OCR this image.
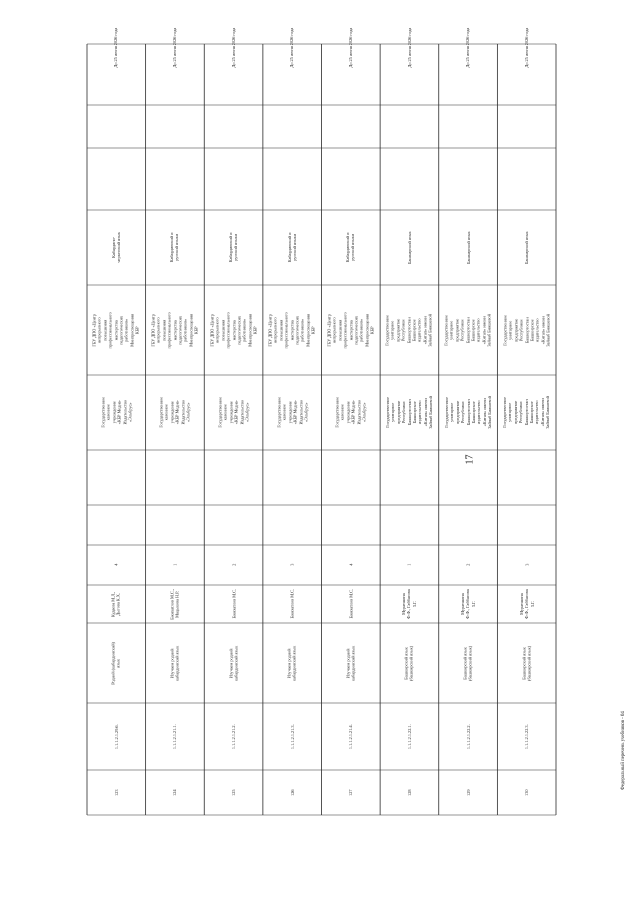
123
1.1.1.2.1.29.6.
Родной (кабардинский)
язык
Кудаева М.Л.,
Дыгова К.Х.
4
Государственное
казенное
учреждение
«КБР Медиа-
Издательство
«Эльбрус»
ГБУ ДПО «Центр
непрерывного
повышения
профессионального
мастерства
педагогических
работников»
Минпросвещения
КБР
Кабардино-
черкесский язык
До 25 июня 2026 года
124
1.1.1.2.1.21.1.
Изучаем родной
кабардинский язык
Бжихатлов М.С.,
Мацыкова Н.Р.
1
Государственное
казенное
учреждение
«КБР Медиа-
Издательство
«Эльбрус»
ГБУ ДПО «Центр
непрерывного
повышения
профессионального
мастерства
педагогических
работников»
Минпросвещения
КБР
Кабардинский и
русский языки
До 25 июня 2026 года
125
1.1.1.2.1.21.2.
Изучаем родной
кабардинский язык
Бжихатлов М.С.
2
Государственное
казенное
учреждение
«КБР Медиа-
Издательство
«Эльбрус»
ГБУ ДПО «Центр
непрерывного
повышения
профессионального
мастерства
педагогических
работников»
Минпросвещения
КБР
Кабардинский и
русский языки
До 25 июня 2026 года
126
1.1.1.2.1.21.3.
Изучаем родной
кабардинский язык
Бжихатлов М.С.
3
Государственное
казенное
учреждение
«КБР Медиа-
Издательство
«Эльбрус»
ГБУ ДПО «Центр
непрерывного
повышения
профессионального
мастерства
педагогических
работников»
Минпросвещения
КБР
Кабардинский и
русский языки
До 25 июня 2026 года
127
1.1.1.2.1.21.4.
Изучаем родной
кабардинский язык
Бжихатлов М.С.
4
Государственное
казенное
учреждение
«КБР Медиа-
Издательство
«Эльбрус»
ГБУ ДПО «Центр
непрерывного
повышения
профессионального
мастерства
педагогических
работников»
Минпросвещения
КБР
Кабардинский и
русский языки
До 25 июня 2026 года
128
1.1.1.2.1.22.1.
Башкирский язык
(башкирский язык)
Муратшина
Ф.Ф., Габбасова
З.Г.
1
Государственное
унитарное
предприятие
Республики
Башкортостан
Башкирское
издательство
«Китап» имени
Зайнаб Биишевой
Государственное
унитарное
предприятие
Республики
Башкортостан
Башкирское
издательство
«Китап» имени
Зайнаб Биишевой
Башкирский язык
До 25 июня 2026 года
129
1.1.1.2.1.22.2.
Башкирский язык
(башкирский язык)
Муратшина
Ф.Ф., Габбасова
З.Г.
2
Государственное
унитарное
предприятие
Республики
Башкортостан
Башкирское
издательство
«Китап» имени
Зайнаб Биишевой
Государственное
унитарное
предприятие
Республики
Башкортостан
Башкирское
издательство
«Китап» имени
Зайнаб Биишевой
Башкирский язык
До 25 июня 2026 года
130
1.1.1.2.1.22.3.
Башкирский язык
(башкирский язык)
Муратшина
Ф.Ф., Габбасова
З.Г.
3
Государственное
унитарное
предприятие
Республики
Башкортостан
Башкирское
издательство
«Китап» имени
Зайнаб Биишевой
Государственное
унитарное
предприятие
Республики
Башкортостан
Башкирское
издательство
«Китап» имени
Зайнаб Биишевой
Башкирский язык
До 25 июня 2026 года
17
Федеральный перечень учебников - 04
